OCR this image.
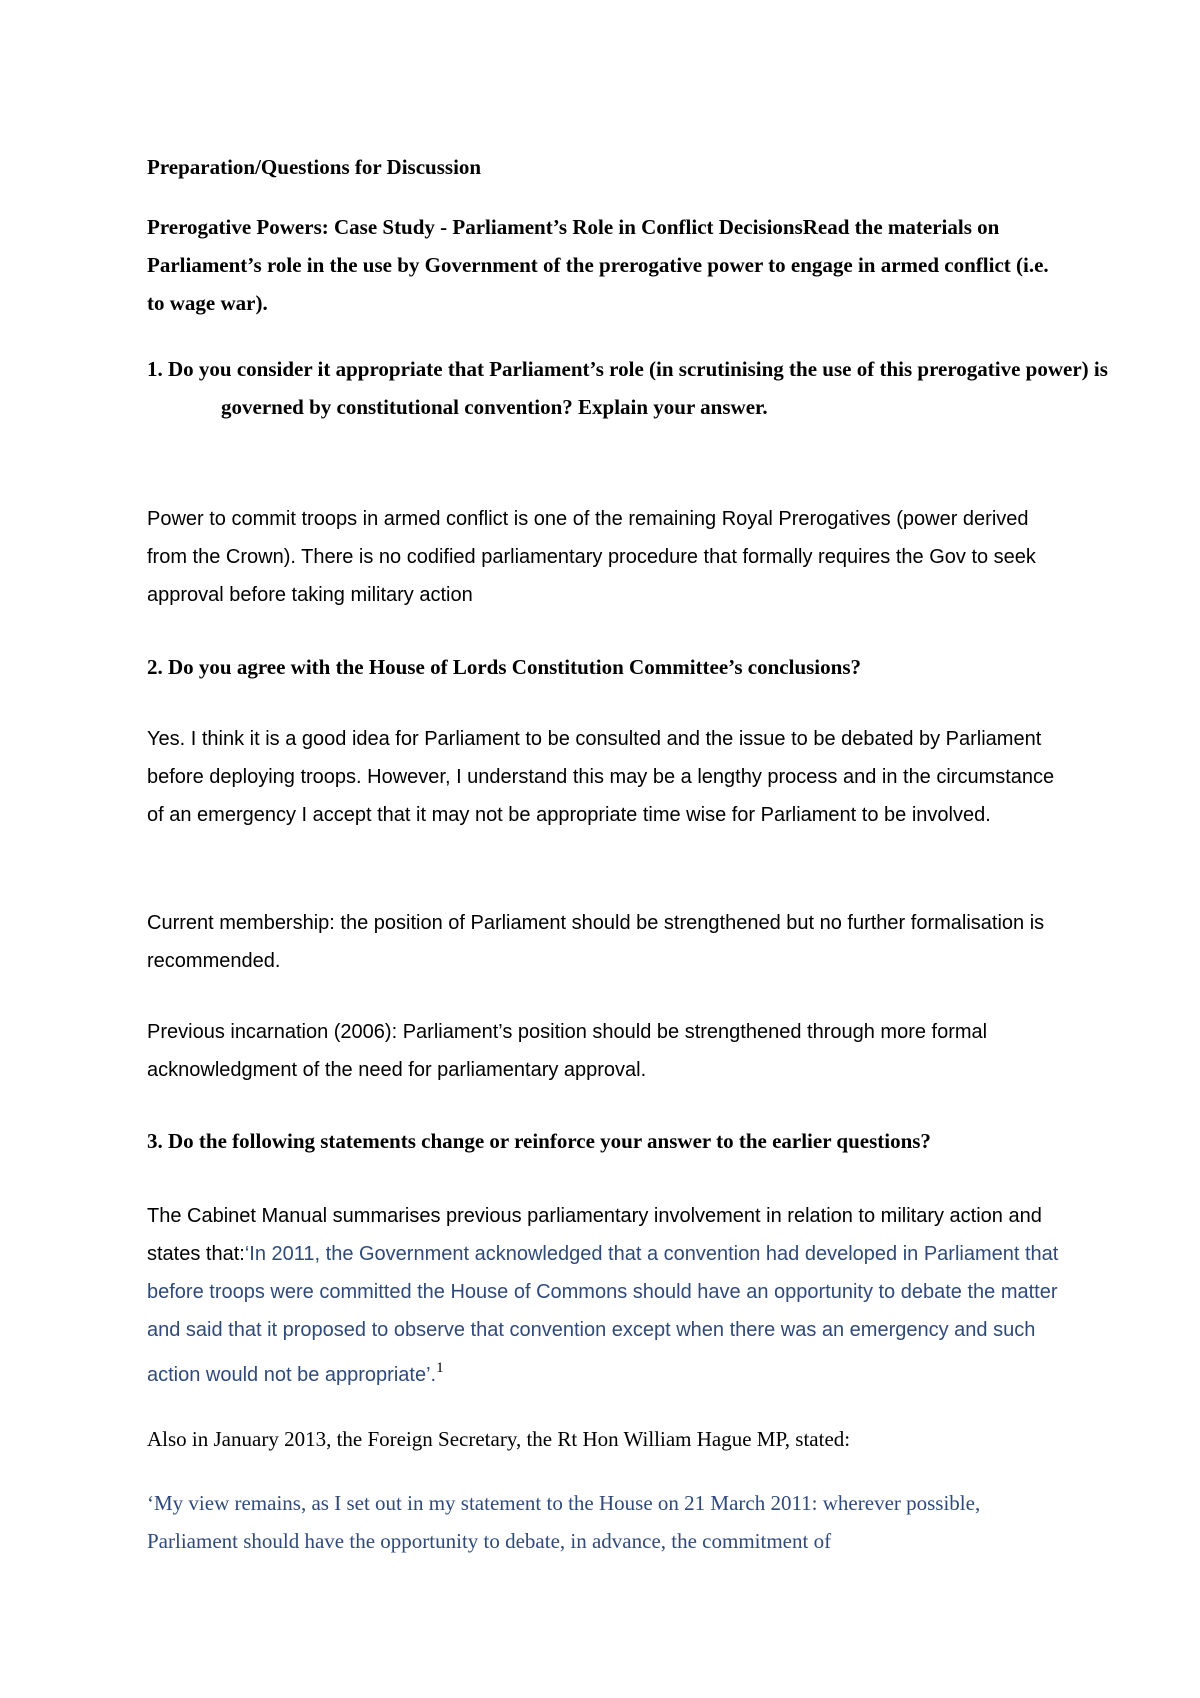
Preparation/Questions for Discussion

Prerogative Powers: Case Study - Parliament’s Role in Conflict DecisionsRead the materials on Parliament’s role in the use by Government of the prerogative power to engage in armed conflict (i.e. to wage war).

1. Do you consider it appropriate that Parliament’s role (in scrutinising the use of this prerogative power) is governed by constitutional convention? Explain your answer.

Power to commit troops in armed conflict is one of the remaining Royal Prerogatives (power derived from the Crown). There is no codified parliamentary procedure that formally requires the Gov to seek approval before taking military action

2. Do you agree with the House of Lords Constitution Committee’s conclusions?

Yes. I think it is a good idea for Parliament to be consulted and the issue to be debated by Parliament before deploying troops. However, I understand this may be a lengthy process and in the circumstance of an emergency I accept that it may not be appropriate time wise for Parliament to be involved.

Current membership: the position of Parliament should be strengthened but no further formalisation is recommended.

Previous incarnation (2006): Parliament’s position should be strengthened through more formal acknowledgment of the need for parliamentary approval.

3. Do the following statements change or reinforce your answer to the earlier questions?

The Cabinet Manual summarises previous parliamentary involvement in relation to military action and states that:‘In 2011, the Government acknowledged that a convention had developed in Parliament that before troops were committed the House of Commons should have an opportunity to debate the matter and said that it proposed to observe that convention except when there was an emergency and such action would not be appropriate’.$^1$

Also in January 2013, the Foreign Secretary, the Rt Hon William Hague MP, stated:

‘My view remains, as I set out in my statement to the House on 21 March 2011: wherever possible, Parliament should have the opportunity to debate, in advance, the commitment of
